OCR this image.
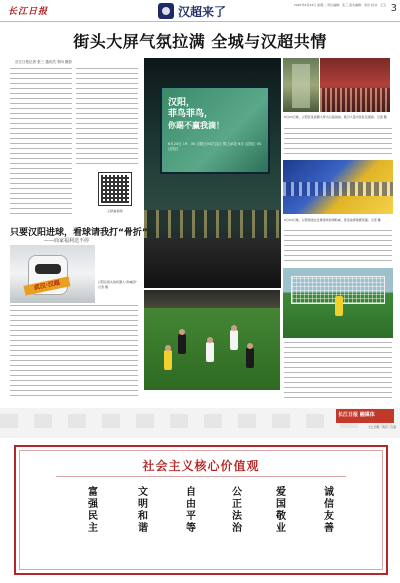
长江日报	汉超来了	2025年6月24日 星期二 责任编辑：张三 美术编辑：李四 校对：王五 3
街头大屏气氛拉满 全城与汉超共情
长江日报记者 张三 通讯员 李四 摄影
汉阳，
菲鸟菲鸟，
你踢不赢我滴！
6月24日 19：30 汉阳区VS江汉区 锦上添花 8月 汉阳区 VS 汉阳区
扫码看视频
只要汉阳进球，看球请我打“骨折”
——商家福利送不停
武汉·汉超	汉阳区街头的机器人“助威团” 记者 摄
6月23日晚，汉阳区某商圈大屏为汉超加油，吸引大量市民驻足观看。记者 摄
6月23日晚，汉阳球迷在比赛现场热情助威，营造浓厚观赛氛围。记者 摄
长江日报 融媒体
长江日报 · 武汉 · 汉超
社会主义核心价值观
富强民主
文明和谐
自由平等
公正法治
爱国敬业
诚信友善
